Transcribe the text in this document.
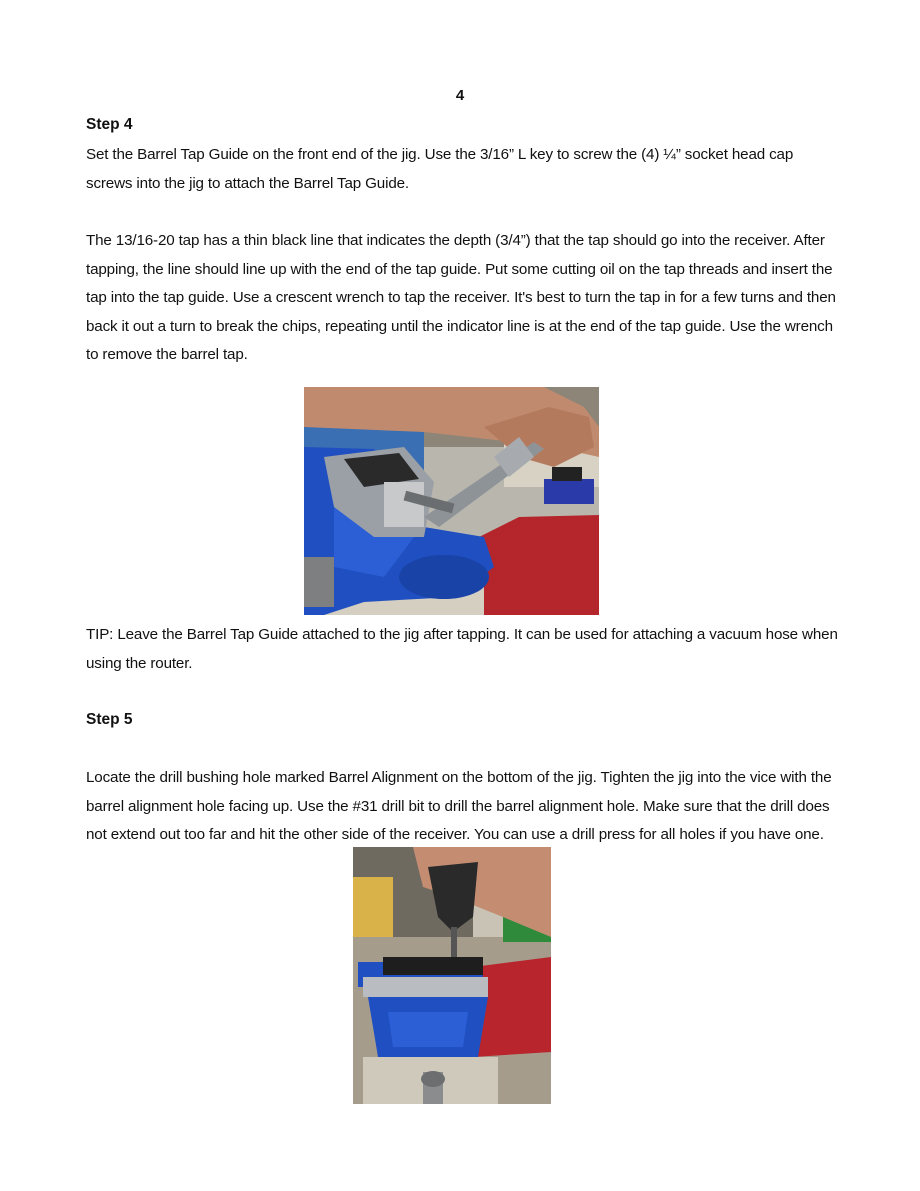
4
Step 4

Set the Barrel Tap Guide on the front end of the jig. Use the 3/16” L key to screw the (4) ¼” socket head cap

screws into the jig to attach the Barrel Tap Guide.

The 13/16-20 tap has a thin black line that indicates the depth (3/4”) that the tap should go into the receiver. After

tapping, the line should line up with the end of the tap guide. Put some cutting oil on the tap threads and insert the

tap into the tap guide. Use a crescent wrench to tap the receiver. It's best to turn the tap in for a few turns and then

back it out a turn to break the chips, repeating until the indicator line is at the end of the tap guide. Use the wrench

to remove the barrel tap.

TIP: Leave the Barrel Tap Guide attached to the jig after tapping. It can be used for attaching a vacuum hose when

using the router.

Step 5

Locate the drill bushing hole marked Barrel Alignment on the bottom of the jig. Tighten the jig into the vice with the

barrel alignment hole facing up. Use the #31 drill bit to drill the barrel alignment hole. Make sure that the drill does

not extend out too far and hit the other side of the receiver. You can use a drill press for all holes if you have one.
